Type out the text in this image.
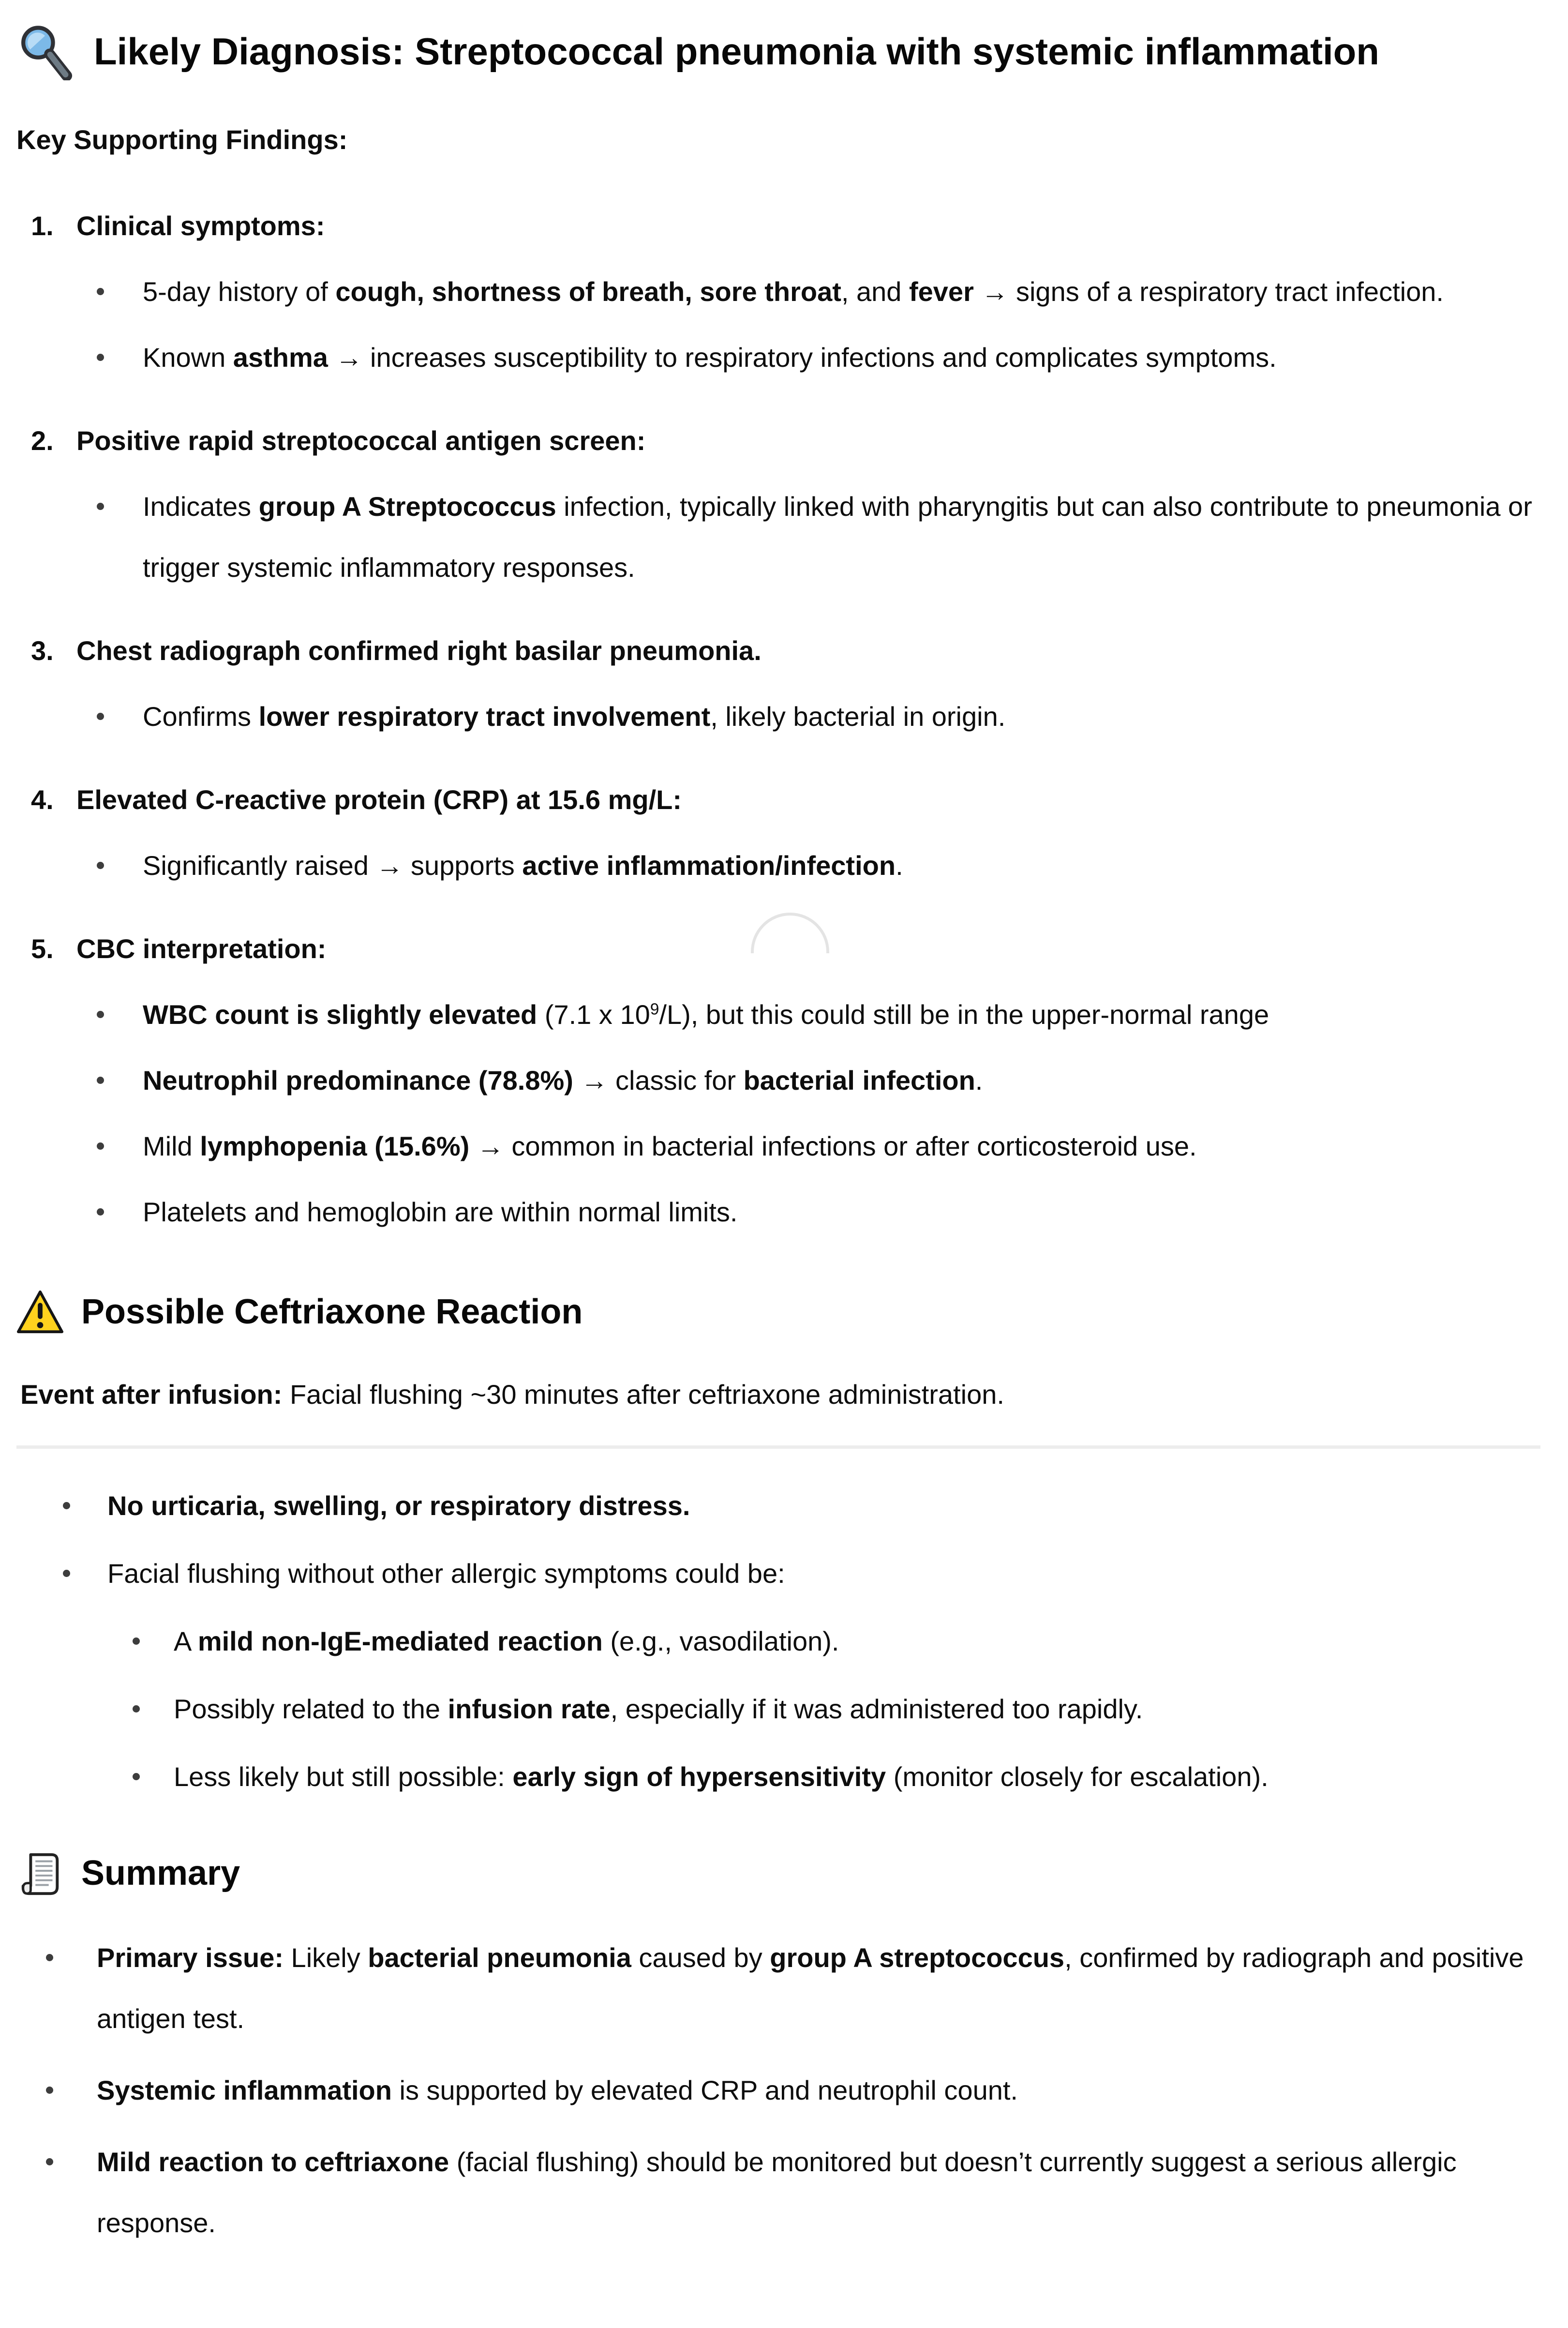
Likely Diagnosis: Streptococcal pneumonia with systemic inflammation

Key Supporting Findings:

Clinical symptoms:
5-day history of cough, shortness of breath, sore throat, and fever → signs of a respiratory tract infection.
Known asthma → increases susceptibility to respiratory infections and complicates symptoms.
Positive rapid streptococcal antigen screen:
Indicates group A Streptococcus infection, typically linked with pharyngitis but can also contribute to pneumonia or trigger systemic inflammatory responses.
Chest radiograph confirmed right basilar pneumonia.
Confirms lower respiratory tract involvement, likely bacterial in origin.
Elevated C-reactive protein (CRP) at 15.6 mg/L:
Significantly raised → supports active inflammation/infection.
CBC interpretation:
WBC count is slightly elevated (7.1 x $10^9/L$), but this could still be in the upper-normal range
Neutrophil predominance (78.8%) → classic for bacterial infection.
Mild lymphopenia (15.6%) → common in bacterial infections or after corticosteroid use.
Platelets and hemoglobin are within normal limits.
Possible Ceftriaxone Reaction

Event after infusion: Facial flushing ~30 minutes after ceftriaxone administration.

No urticaria, swelling, or respiratory distress.
Facial flushing without other allergic symptoms could be:
A mild non-IgE-mediated reaction (e.g., vasodilation).
Possibly related to the infusion rate, especially if it was administered too rapidly.
Less likely but still possible: early sign of hypersensitivity (monitor closely for escalation).
Summary
Primary issue: Likely bacterial pneumonia caused by group A streptococcus, confirmed by radiograph and positive antigen test.
Systemic inflammation is supported by elevated CRP and neutrophil count.
Mild reaction to ceftriaxone (facial flushing) should be monitored but doesn’t currently suggest a serious allergic response.
